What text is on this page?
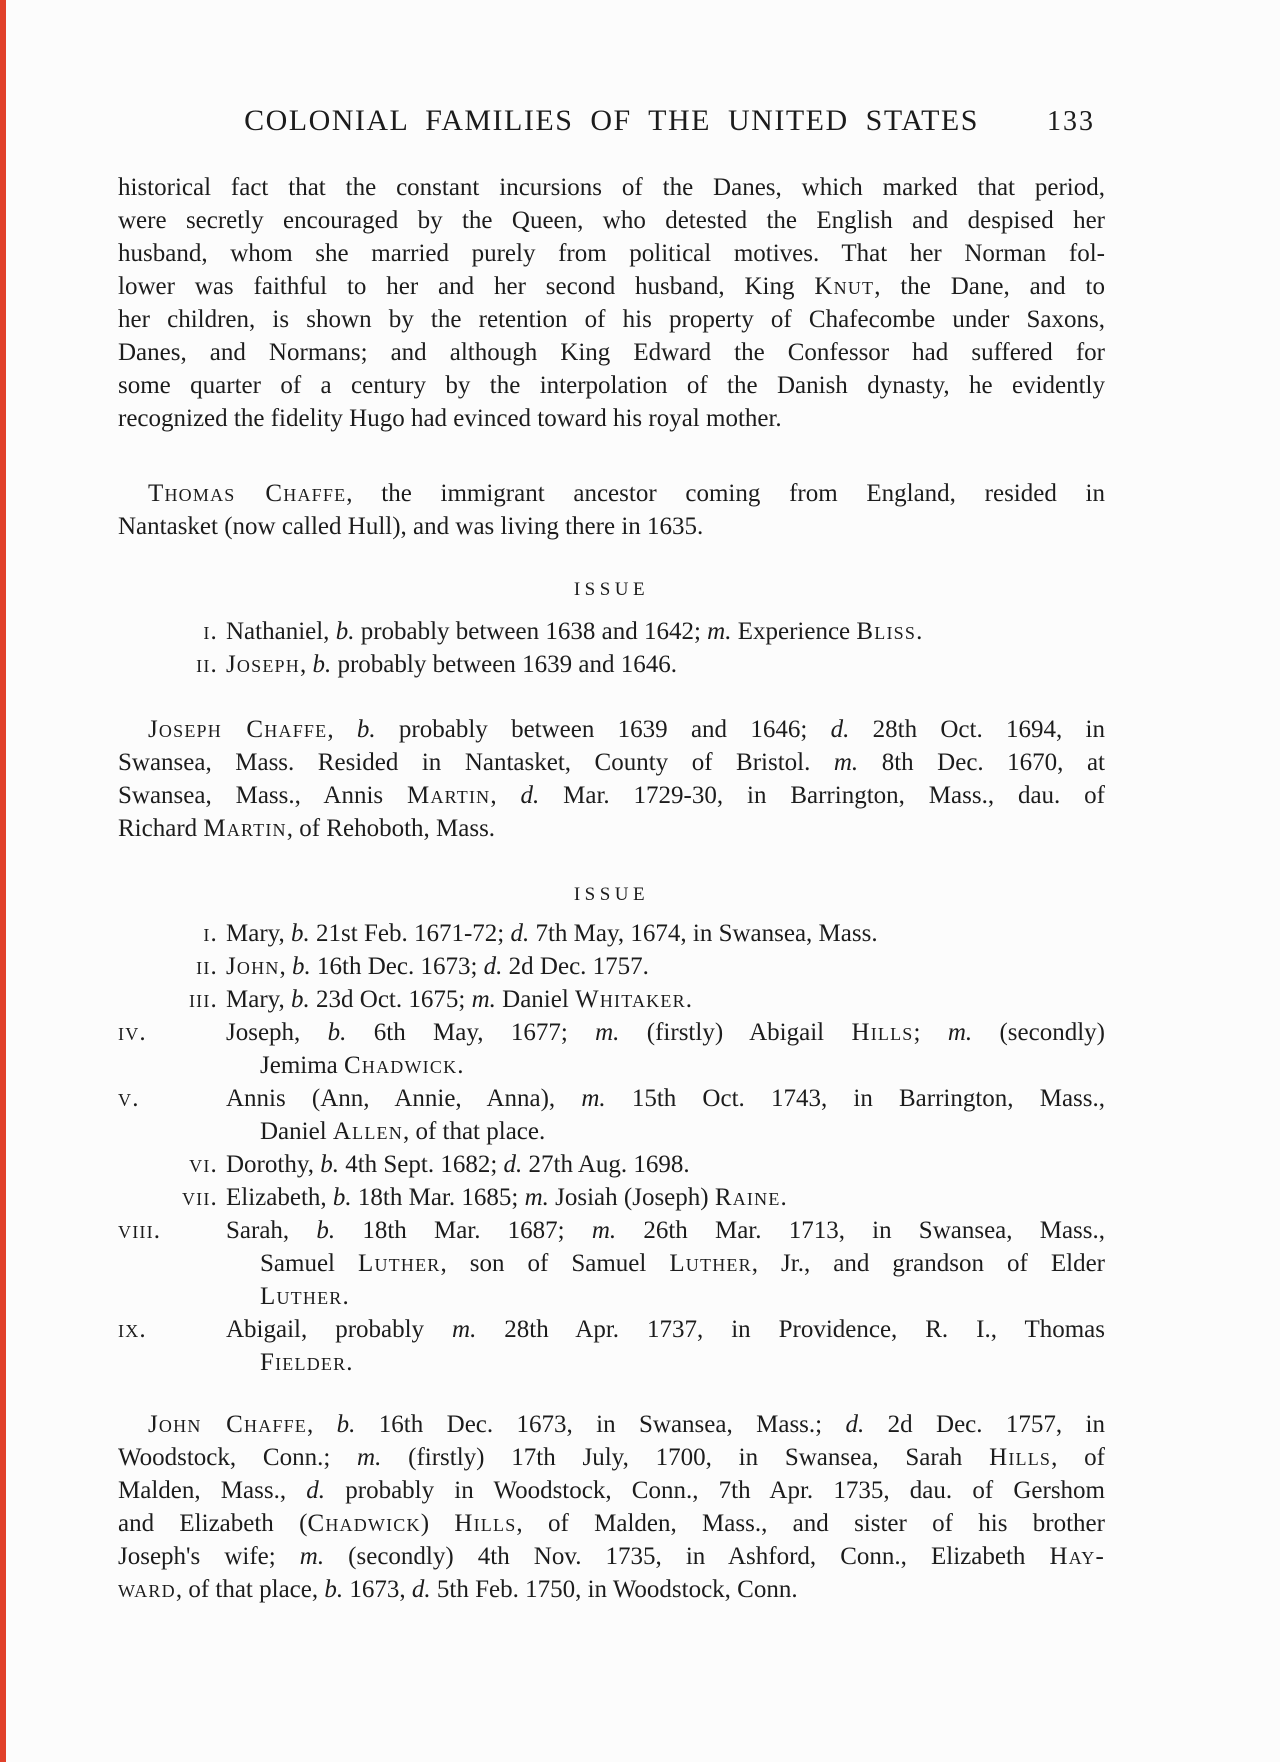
COLONIAL FAMILIES OF THE UNITED STATES 133
historical fact that the constant incursions of the Danes, which marked that period,
were secretly encouraged by the Queen, who detested the English and despised her
husband, whom she married purely from political motives. That her Norman fol-
lower was faithful to her and her second husband, King Knut, the Dane, and to
her children, is shown by the retention of his property of Chafecombe under Saxons,
Danes, and Normans; and although King Edward the Confessor had suffered for
some quarter of a century by the interpolation of the Danish dynasty, he evidently
recognized the fidelity Hugo had evinced toward his royal mother.
Thomas Chaffe, the immigrant ancestor coming from England, resided in
Nantasket (now called Hull), and was living there in 1635.
ISSUE
i. Nathaniel, b. probably between 1638 and 1642; m. Experience Bliss.
ii. Joseph, b. probably between 1639 and 1646.
Joseph Chaffe, b. probably between 1639 and 1646; d. 28th Oct. 1694, in
Swansea, Mass. Resided in Nantasket, County of Bristol. m. 8th Dec. 1670, at
Swansea, Mass., Annis Martin, d. Mar. 1729-30, in Barrington, Mass., dau. of
Richard Martin, of Rehoboth, Mass.
ISSUE
i. Mary, b. 21st Feb. 1671-72; d. 7th May, 1674, in Swansea, Mass.
ii. John, b. 16th Dec. 1673; d. 2d Dec. 1757.
iii. Mary, b. 23d Oct. 1675; m. Daniel Whitaker.
iv.	Joseph, b. 6th May, 1677; m. (firstly) Abigail Hills; m. (secondly)
Jemima Chadwick.
v.	Annis (Ann, Annie, Anna), m. 15th Oct. 1743, in Barrington, Mass.,
Daniel Allen, of that place.
vi. Dorothy, b. 4th Sept. 1682; d. 27th Aug. 1698.
vii. Elizabeth, b. 18th Mar. 1685; m. Josiah (Joseph) Raine.
viii.	Sarah, b. 18th Mar. 1687; m. 26th Mar. 1713, in Swansea, Mass.,
Samuel Luther, son of Samuel Luther, Jr., and grandson of Elder
Luther.
ix.	Abigail, probably m. 28th Apr. 1737, in Providence, R. I., Thomas
Fielder.
John Chaffe, b. 16th Dec. 1673, in Swansea, Mass.; d. 2d Dec. 1757, in
Woodstock, Conn.; m. (firstly) 17th July, 1700, in Swansea, Sarah Hills, of
Malden, Mass., d. probably in Woodstock, Conn., 7th Apr. 1735, dau. of Gershom
and Elizabeth (Chadwick) Hills, of Malden, Mass., and sister of his brother
Joseph's wife; m. (secondly) 4th Nov. 1735, in Ashford, Conn., Elizabeth Hay-
ward, of that place, b. 1673, d. 5th Feb. 1750, in Woodstock, Conn.
